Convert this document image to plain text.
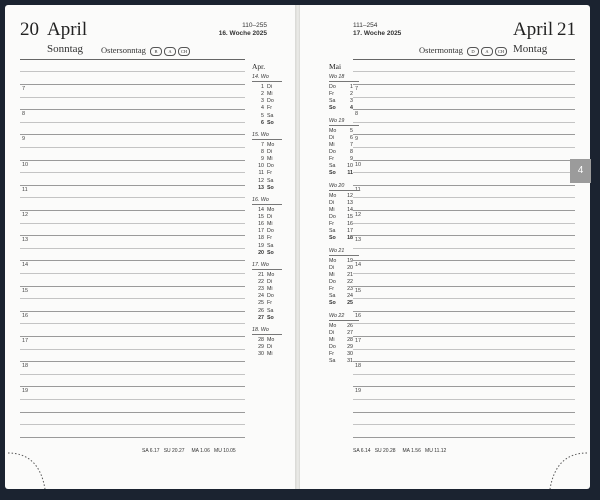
20 April
Sonntag Ostersonntag B A CH
110–255
16. Woche 2025
7
8
9
10
11
12
13
14
15
16
17
18
19
Apr.
14. Wo
1 Di
2 Mi
3 Do
4 Fr
5 Sa
6 So
15. Wo
7 Mo
8 Di
9 Mi
10 Do
11 Fr
12 Sa
13 So
16. Wo
14 Mo
15 Di
16 Mi
17 Do
18 Fr
19 Sa
20 So
17. Wo
21 Mo
22 Di
23 Mi
24 Do
25 Fr
26 Sa
27 So
18. Wo
28 Mo
29 Di
30 Mi
SA 6.17 SU 20.27 MA 1.06 MU 10.05
111–254
17. Woche 2025	April 21
Montag
Ostermontag D A CH
7
8
9
10
11
12
13
14
15
16
17
18
19
Mai
Wo 18
Do	1
Fr	2
Sa	3
So	4
Wo 19
Mo	5
Di	6
Mi	7
Do	8
Fr	9
Sa	10
So	11
Wo 20
Mo	12
Di	13
Mi	14
Do	15
Fr	16
Sa	17
So	18
Wo 21
Mo	19
Di	20
Mi	21
Do	22
Fr	23
Sa	24
So	25
Wo 22
Mo	26
Di	27
Mi	28
Do	29
Fr	30
Sa	31
SA 6.14 SU 20.28 MA 1.56 MU 11.12
4
